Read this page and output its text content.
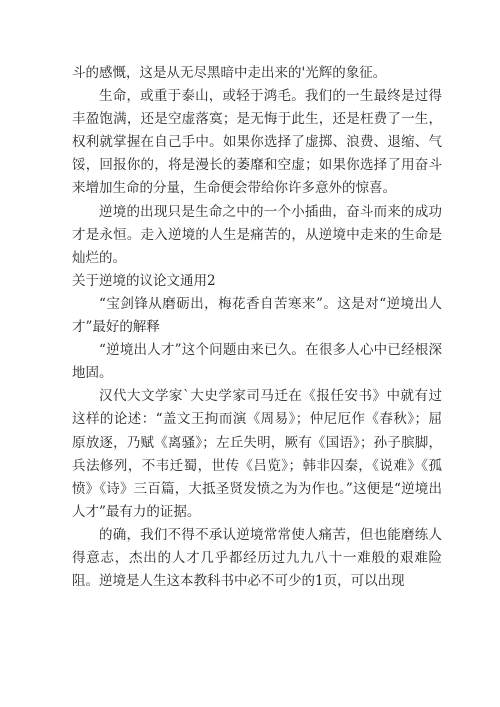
斗的感慨，这是从无尽黑暗中走出来的'光辉的象征。

生命，或重于泰山，或轻于鸿毛。我们的一生最终是过得丰盈饱满，还是空虚落寞；是无悔于此生，还是枉费了一生，权利就掌握在自己手中。如果你选择了虚掷、浪费、退缩、气馁，回报你的，将是漫长的萎靡和空虚；如果你选择了用奋斗来增加生命的分量，生命便会带给你许多意外的惊喜。

逆境的出现只是生命之中的一个小插曲，奋斗而来的成功才是永恒。走入逆境的人生是痛苦的，从逆境中走来的生命是灿烂的。

关于逆境的议论文通用2

“宝剑锋从磨砺出，梅花香自苦寒来”。这是对“逆境出人才”最好的解释

“逆境出人才”这个问题由来已久。在很多人心中已经根深地固。

汉代大文学家`大史学家司马迁在《报任安书》中就有过这样的论述：“盖文王拘而演《周易》；仲尼厄作《春秋》；屈原放逐，乃赋《离骚》；左丘失明，厥有《国语》；孙子膑脚，兵法修列，不韦迁蜀，世传《吕览》；韩非囚秦，《说难》《孤愤》《诗》三百篇，大抵圣贤发愤之为为作也。”这便是“逆境出人才”最有力的证据。

的确，我们不得不承认逆境常常使人痛苦，但也能磨练人得意志，杰出的人才几乎都经历过九九八十一难般的艰难险阻。逆境是人生这本教科书中必不可少的1页，可以出现
